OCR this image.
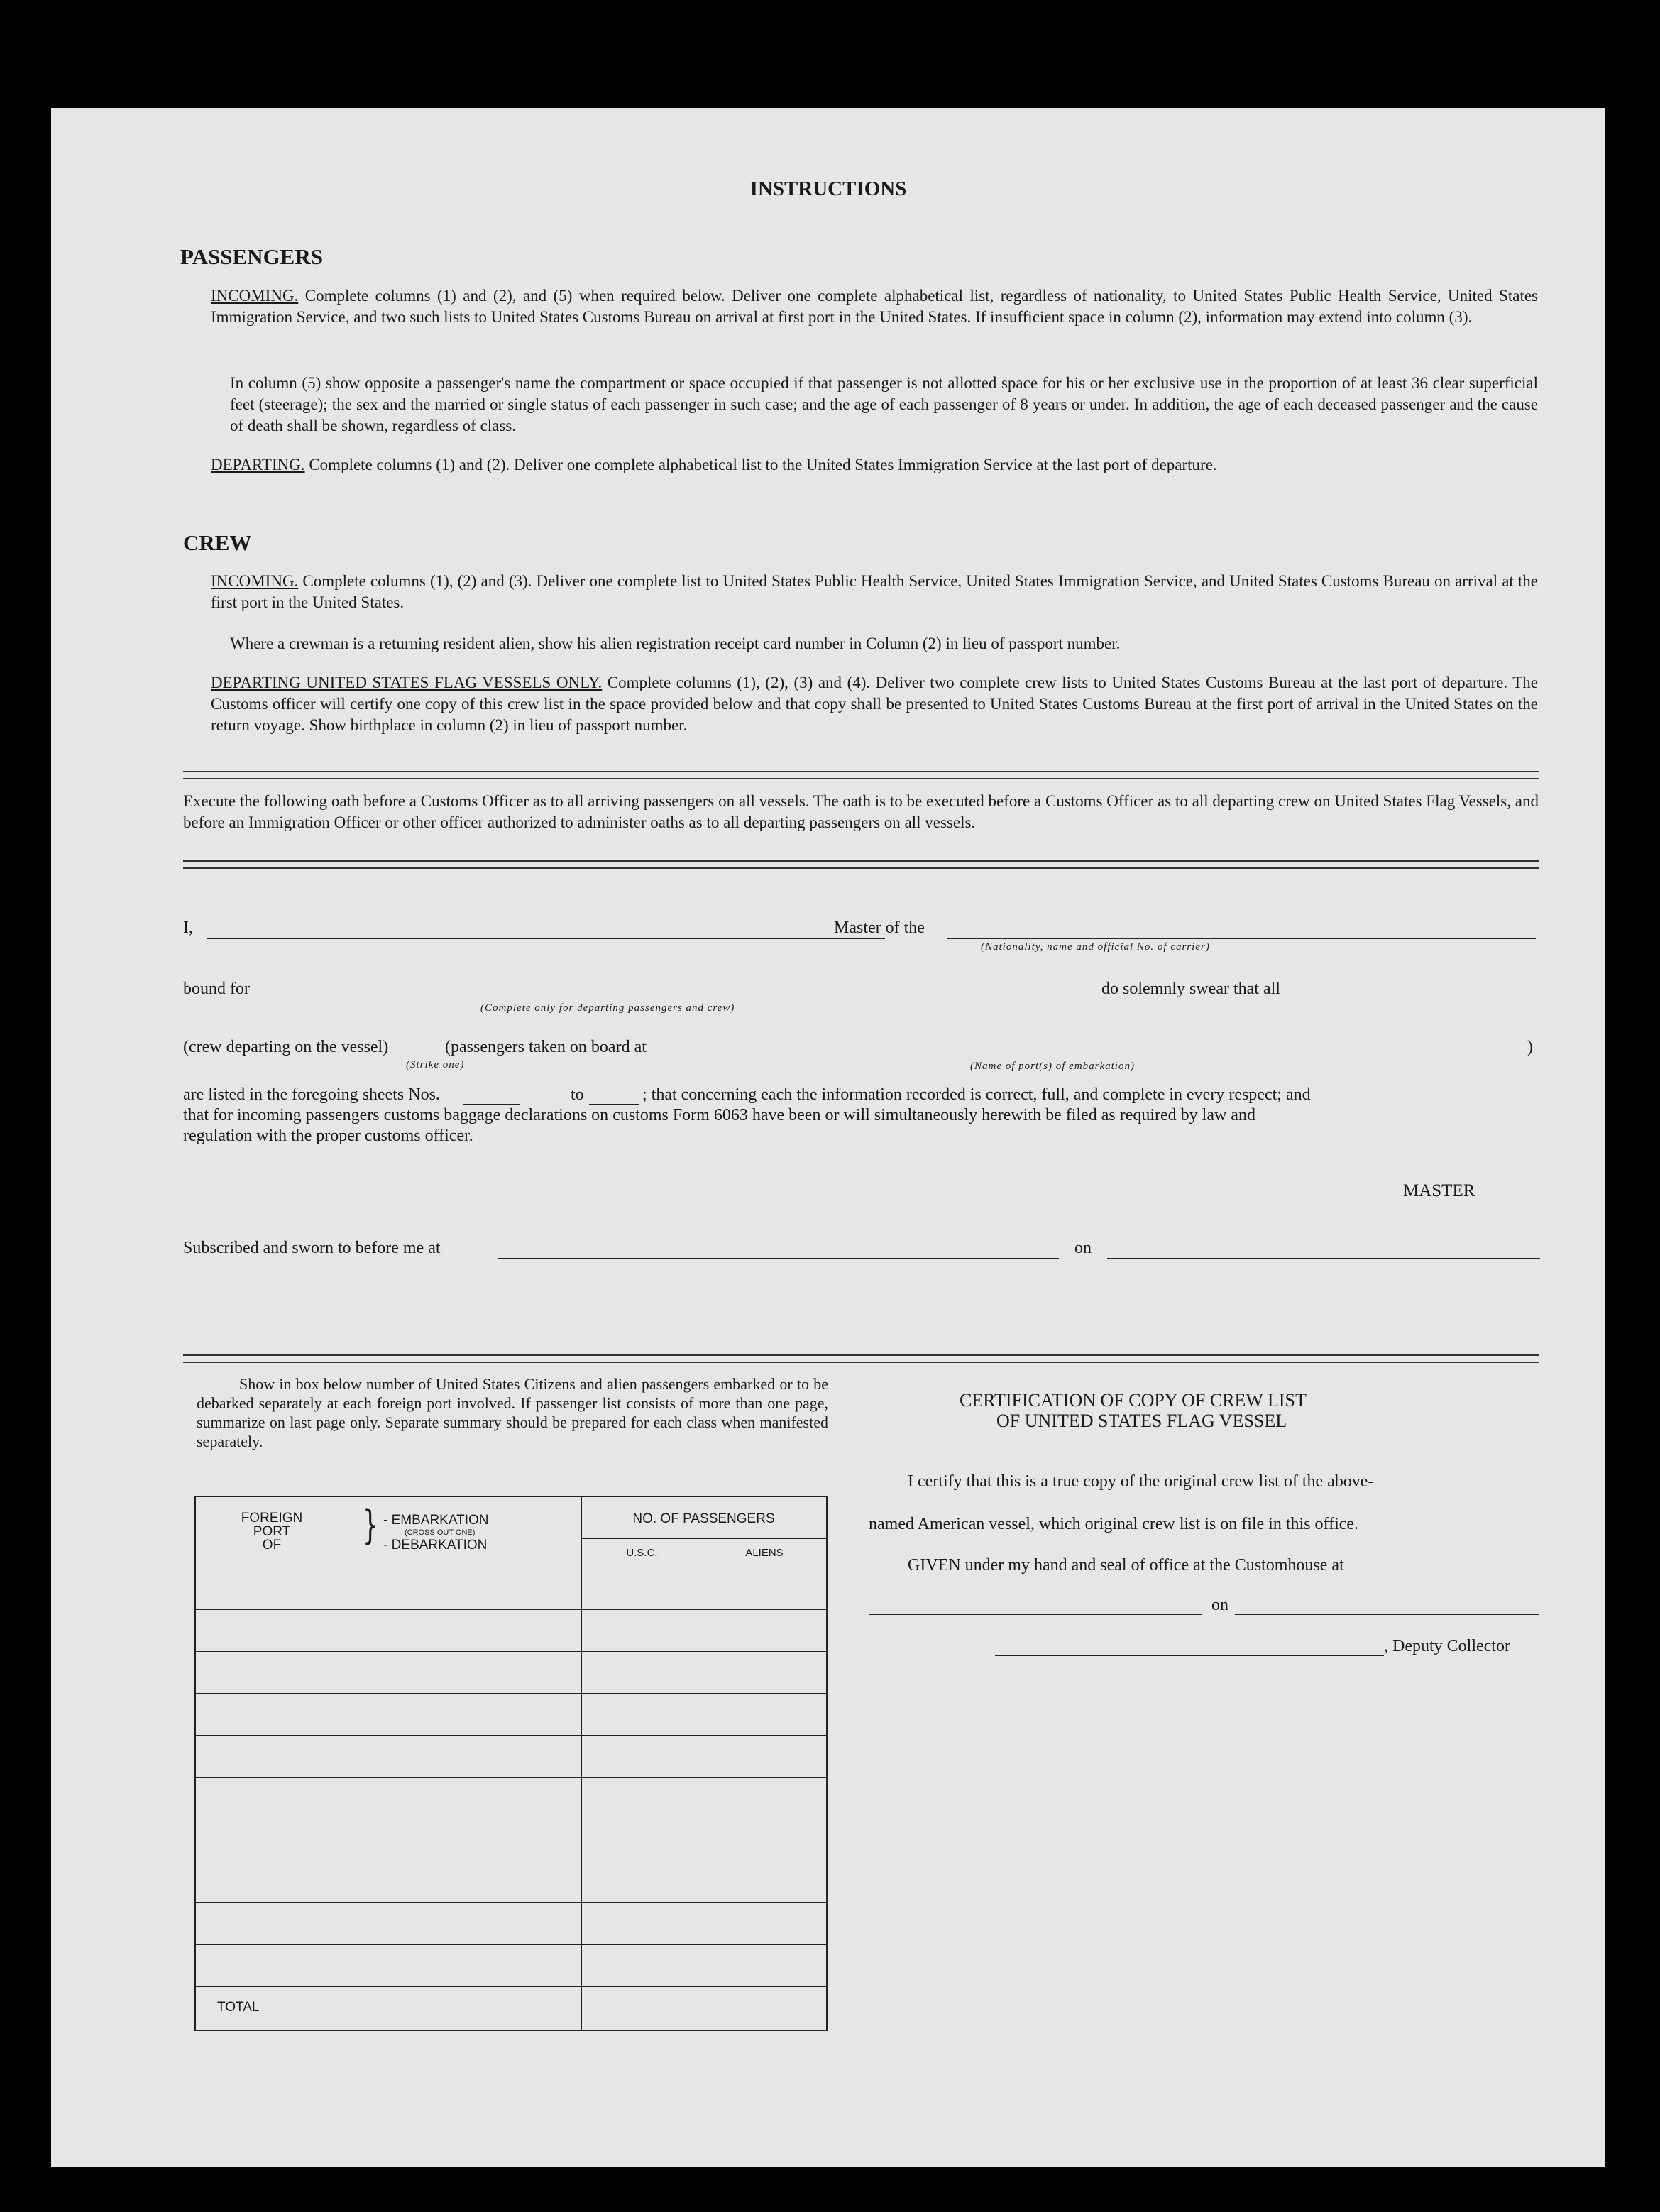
INSTRUCTIONS
PASSENGERS
INCOMING. Complete columns (1) and (2), and (5) when required below. Deliver one complete alphabetical list, regardless of nationality, to United States Public Health Service, United States Immigration Service, and two such lists to United States Customs Bureau on arrival at first port in the United States. If insufficient space in column (2), information may extend into column (3).
In column (5) show opposite a passenger's name the compartment or space occupied if that passenger is not allotted space for his or her exclusive use in the proportion of at least 36 clear superficial feet (steerage); the sex and the married or single status of each passenger in such case; and the age of each passenger of 8 years or under. In addition, the age of each deceased passenger and the cause of death shall be shown, regardless of class.
DEPARTING. Complete columns (1) and (2). Deliver one complete alphabetical list to the United States Immigration Service at the last port of departure.
CREW
INCOMING. Complete columns (1), (2) and (3). Deliver one complete list to United States Public Health Service, United States Immigration Service, and United States Customs Bureau on arrival at the first port in the United States.
Where a crewman is a returning resident alien, show his alien registration receipt card number in Column (2) in lieu of passport number.
DEPARTING UNITED STATES FLAG VESSELS ONLY. Complete columns (1), (2), (3) and (4). Deliver two complete crew lists to United States Customs Bureau at the last port of departure. The Customs officer will certify one copy of this crew list in the space provided below and that copy shall be presented to United States Customs Bureau at the first port of arrival in the United States on the return voyage. Show birthplace in column (2) in lieu of passport number.
Execute the following oath before a Customs Officer as to all arriving passengers on all vessels. The oath is to be executed before a Customs Officer as to all departing crew on United States Flag Vessels, and before an Immigration Officer or other officer authorized to administer oaths as to all departing passengers on all vessels.
I,	Master of the
(Nationality, name and official No. of carrier)
bound for
(Complete only for departing passengers and crew)
do solemnly swear that all
(crew departing on the vessel)	(passengers taken on board at	)
(Strike one)	(Name of port(s) of embarkation)
are listed in the foregoing sheets Nos.	to	; that concerning each the information recorded is correct, full, and complete in every respect; and
that for incoming passengers customs baggage declarations on customs Form 6063 have been or will simultaneously herewith be filed as required by law and
regulation with the proper customs officer.
MASTER
Subscribed and sworn to before me at	on
Show in box below number of United States Citizens and alien passengers embarked or to be debarked separately at each foreign port involved. If passenger list consists of more than one page, summarize on last page only. Separate summary should be prepared for each class when manifested separately.
FOREIGN
PORT
OF	} - EMBARKATION
(CROSS OUT ONE)
- DEBARKATION
NO. OF PASSENGERS
U.S.C.	ALIENS
TOTAL
CERTIFICATION OF COPY OF CREW LIST
OF UNITED STATES FLAG VESSEL
I certify that this is a true copy of the original crew list of the above-
named American vessel, which original crew list is on file in this office.
GIVEN under my hand and seal of office at the Customhouse at
on
, Deputy Collector
